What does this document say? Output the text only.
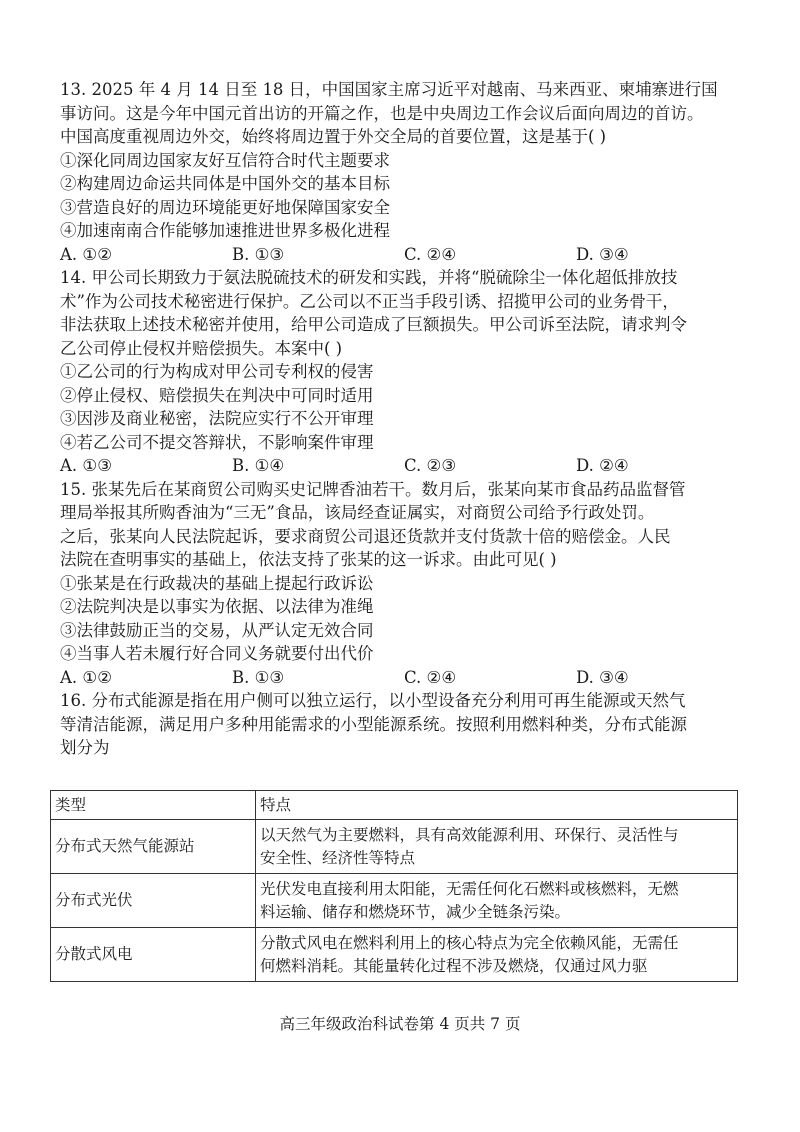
13. 2025 年 4 月 14 日至 18 日，中国国家主席习近平对越南、马来西亚、柬埔寨进行国
事访问。这是今年中国元首出访的开篇之作，也是中央周边工作会议后面向周边的首访。
中国高度重视周边外交，始终将周边置于外交全局的首要位置，这是基于( )
①深化同周边国家友好互信符合时代主题要求
②构建周边命运共同体是中国外交的基本目标
③营造良好的周边环境能更好地保障国家安全
④加速南南合作能够加速推进世界多极化进程
A. ①②	B. ①③	C. ②④	D. ③④
14. 甲公司长期致力于氨法脱硫技术的研发和实践，并将“脱硫除尘一体化超低排放技
术”作为公司技术秘密进行保护。乙公司以不正当手段引诱、招揽甲公司的业务骨干，
非法获取上述技术秘密并使用，给甲公司造成了巨额损失。甲公司诉至法院，请求判令
乙公司停止侵权并赔偿损失。本案中( )
①乙公司的行为构成对甲公司专利权的侵害
②停止侵权、赔偿损失在判决中可同时适用
③因涉及商业秘密，法院应实行不公开审理
④若乙公司不提交答辩状，不影响案件审理
A. ①③	B. ①④	C. ②③	D. ②④
15. 张某先后在某商贸公司购买史记牌香油若干。数月后，张某向某市食品药品监督管
理局举报其所购香油为“三无”食品，该局经查证属实，对商贸公司给予行政处罚。
之后，张某向人民法院起诉，要求商贸公司退还货款并支付货款十倍的赔偿金。人民
法院在查明事实的基础上，依法支持了张某的这一诉求。由此可见( )
①张某是在行政裁决的基础上提起行政诉讼
②法院判决是以事实为依据、以法律为准绳
③法律鼓励正当的交易，从严认定无效合同
④当事人若未履行好合同义务就要付出代价
A. ①②	B. ①③	C. ②④	D. ③④
16. 分布式能源是指在用户侧可以独立运行，以小型设备充分利用可再生能源或天然气
等清洁能源，满足用户多种用能需求的小型能源系统。按照利用燃料种类，分布式能源
划分为
类型	特点
分布式天然气能源站	以天然气为主要燃料，具有高效能源利用、环保行、灵活性与
安全性、经济性等特点

分布式光伏	光伏发电直接利用太阳能，无需任何化石燃料或核燃料，无燃
料运输、储存和燃烧环节，减少全链条污染。

分散式风电	分散式风电在燃料利用上的核心特点为完全依赖风能，无需任
何燃料消耗。其能量转化过程不涉及燃烧，仅通过风力驱
高三年级政治科试卷第 4 页共 7 页
